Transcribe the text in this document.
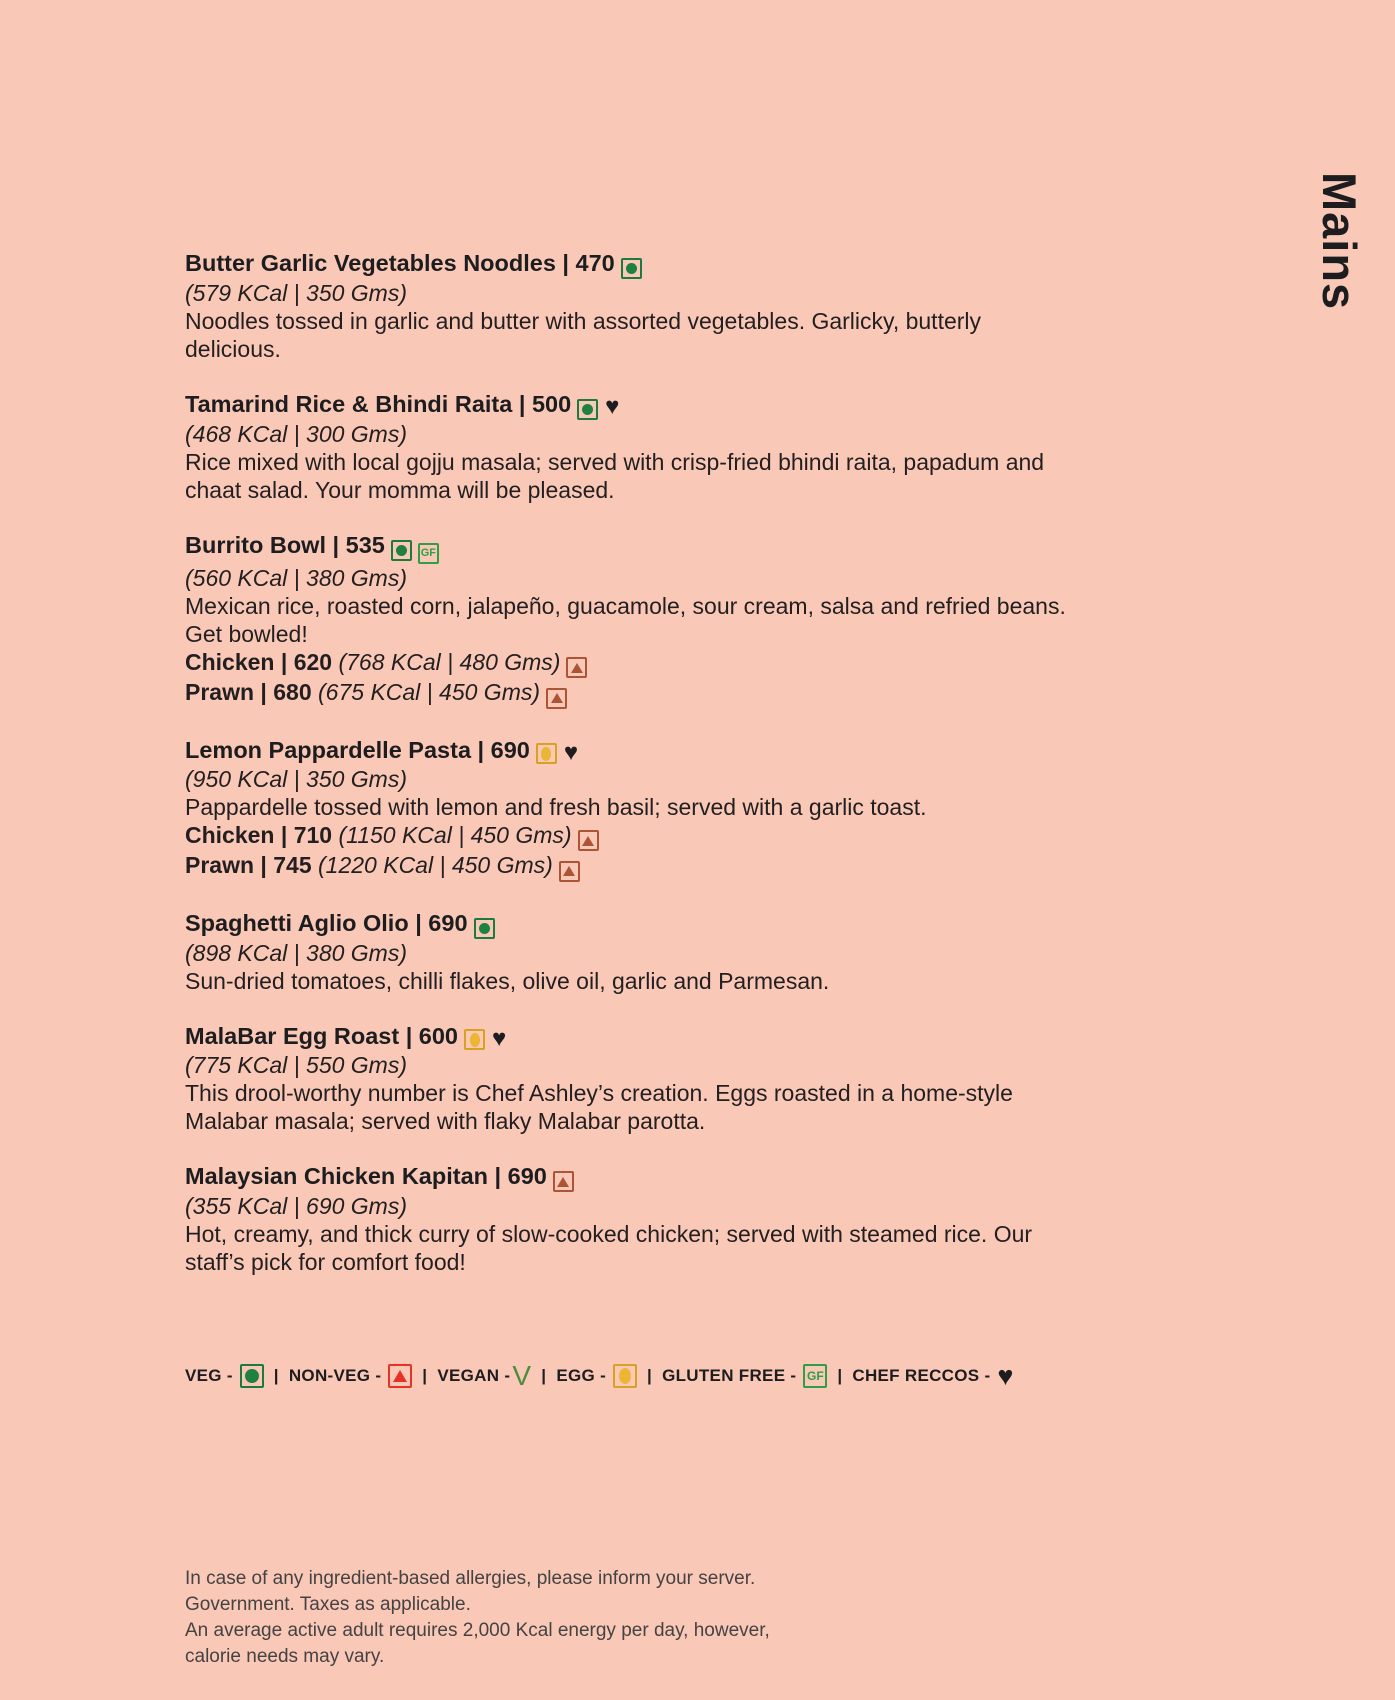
Mains
Butter Garlic Vegetables Noodles | 470

(579 KCal | 350 Gms)

Noodles tossed in garlic and butter with assorted vegetables. Garlicky, butterly delicious.

Tamarind Rice & Bhindi Raita | 500 ♥

(468 KCal | 300 Gms)

Rice mixed with local gojju masala; served with crisp-fried bhindi raita, papadum and chaat salad. Your momma will be pleased.

Burrito Bowl | 535	GF

(560 KCal | 380 Gms)

Mexican rice, roasted corn, jalapeño, guacamole, sour cream, salsa and refried beans. Get bowled!

Chicken | 620 (768 KCal | 480 Gms)

Prawn | 680 (675 KCal | 450 Gms)

Lemon Pappardelle Pasta | 690 ♥

(950 KCal | 350 Gms)

Pappardelle tossed with lemon and fresh basil; served with a garlic toast.

Chicken | 710 (1150 KCal | 450 Gms)

Prawn | 745 (1220 KCal | 450 Gms)

Spaghetti Aglio Olio | 690

(898 KCal | 380 Gms)

Sun-dried tomatoes, chilli flakes, olive oil, garlic and Parmesan.

MalaBar Egg Roast | 600 ♥

(775 KCal | 550 Gms)

This drool-worthy number is Chef Ashley’s creation. Eggs roasted in a home-style Malabar masala; served with flaky Malabar parotta.

Malaysian Chicken Kapitan | 690

(355 KCal | 690 Gms)

Hot, creamy, and thick curry of slow-cooked chicken; served with steamed rice. Our staff’s pick for comfort food!

VEG - | NON-VEG - | VEGAN - V | EGG - | GLUTEN FREE - GF | CHEF RECCOS - ♥
In case of any ingredient-based allergies, please inform your server.
Government. Taxes as applicable.
An average active adult requires 2,000 Kcal energy per day, however,
calorie needs may vary.
